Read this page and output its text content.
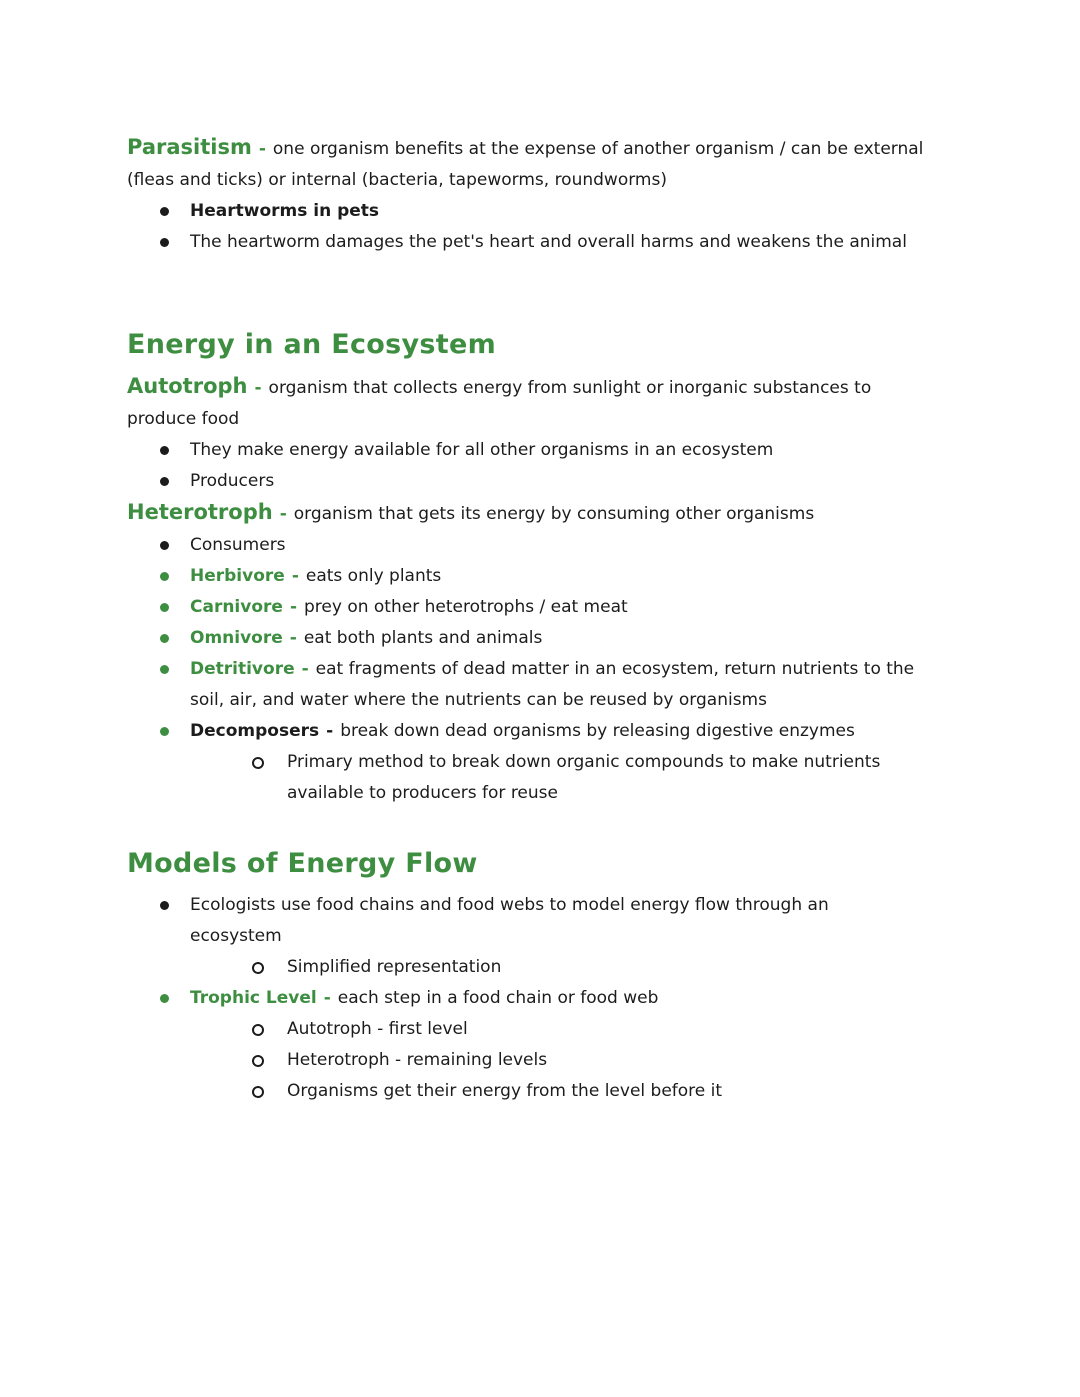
Parasitism - one organism benefits at the expense of another organism / can be external (fleas and ticks) or internal (bacteria, tapeworms, roundworms)

Heartworms in pets
The heartworm damages the pet's heart and overall harms and weakens the animal
Energy in an Ecosystem

Autotroph - organism that collects energy from sunlight or inorganic substances to produce food

They make energy available for all other organisms in an ecosystem
Producers

Heterotroph - organism that gets its energy by consuming other organisms

Consumers
Herbivore - eats only plants
Carnivore - prey on other heterotrophs / eat meat
Omnivore - eat both plants and animals
Detritivore - eat fragments of dead matter in an ecosystem, return nutrients to the soil, air, and water where the nutrients can be reused by organisms
Decomposers - break down dead organisms by releasing digestive enzymes
Primary method to break down organic compounds to make nutrients available to producers for reuse
Models of Energy Flow
Ecologists use food chains and food webs to model energy flow through an ecosystem
Simplified representation
Trophic Level - each step in a food chain or food web
Autotroph - first level
Heterotroph - remaining levels
Organisms get their energy from the level before it
